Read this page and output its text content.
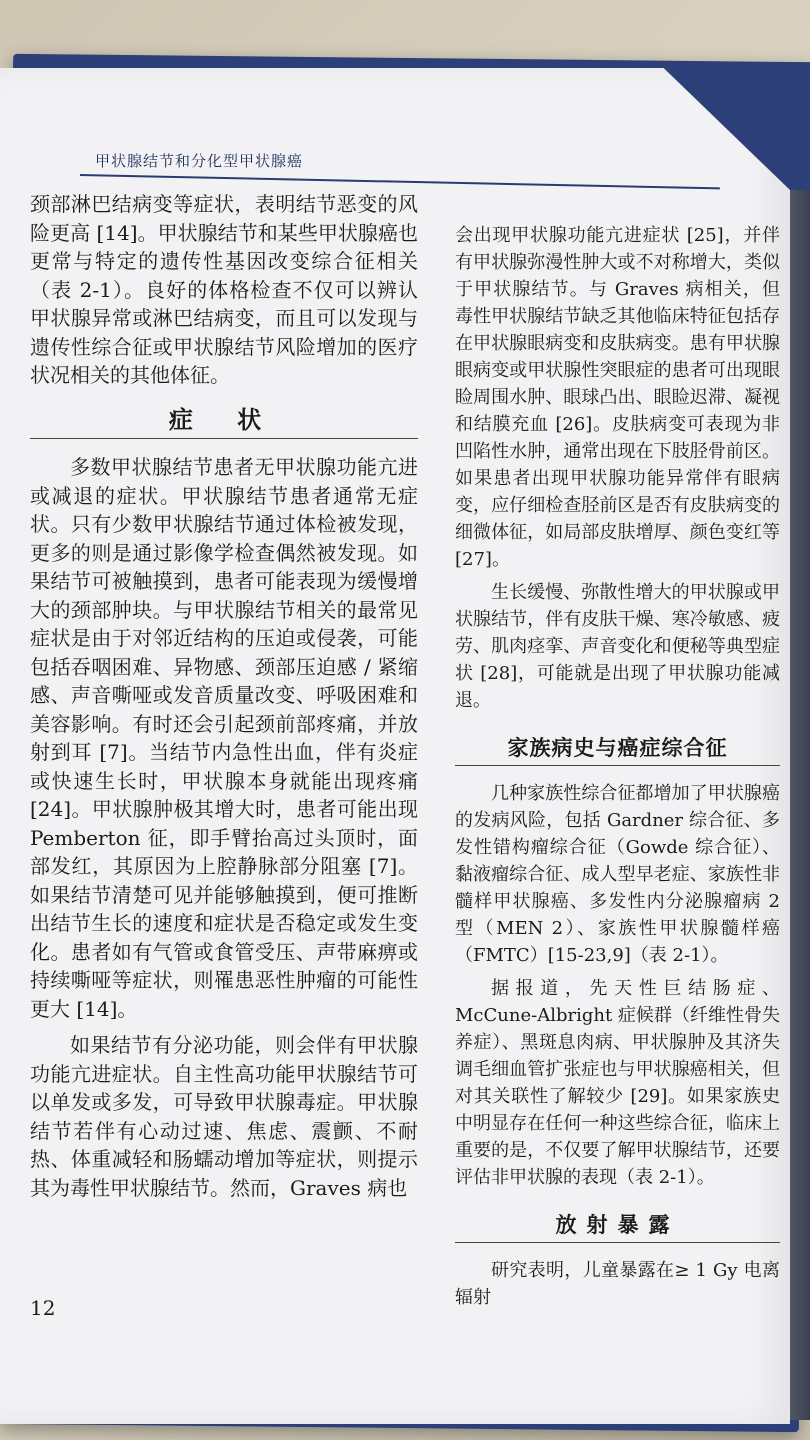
甲状腺结节和分化型甲状腺癌

颈部淋巴结病变等症状，表明结节恶变的风险更高 [14]。甲状腺结节和某些甲状腺癌也更常与特定的遗传性基因改变综合征相关（表 2-1）。良好的体格检查不仅可以辨认甲状腺异常或淋巴结病变，而且可以发现与遗传性综合征或甲状腺结节风险增加的医疗状况相关的其他体征。

症 状

多数甲状腺结节患者无甲状腺功能亢进或减退的症状。甲状腺结节患者通常无症状。只有少数甲状腺结节通过体检被发现，更多的则是通过影像学检查偶然被发现。如果结节可被触摸到，患者可能表现为缓慢增大的颈部肿块。与甲状腺结节相关的最常见症状是由于对邻近结构的压迫或侵袭，可能包括吞咽困难、异物感、颈部压迫感 / 紧缩感、声音嘶哑或发音质量改变、呼吸困难和美容影响。有时还会引起颈前部疼痛，并放射到耳 [7]。当结节内急性出血，伴有炎症或快速生长时，甲状腺本身就能出现疼痛 [24]。甲状腺肿极其增大时，患者可能出现 Pemberton 征，即手臂抬高过头顶时，面部发红，其原因为上腔静脉部分阻塞 [7]。如果结节清楚可见并能够触摸到，便可推断出结节生长的速度和症状是否稳定或发生变化。患者如有气管或食管受压、声带麻痹或持续嘶哑等症状，则罹患恶性肿瘤的可能性更大 [14]。

如果结节有分泌功能，则会伴有甲状腺功能亢进症状。自主性高功能甲状腺结节可以单发或多发，可导致甲状腺毒症。甲状腺结节若伴有心动过速、焦虑、震颤、不耐热、体重减轻和肠蠕动增加等症状，则提示其为毒性甲状腺结节。然而，Graves 病也

会出现甲状腺功能亢进症状 [25]，并伴有甲状腺弥漫性肿大或不对称增大，类似于甲状腺结节。与 Graves 病相关，但毒性甲状腺结节缺乏其他临床特征包括存在甲状腺眼病变和皮肤病变。患有甲状腺眼病变或甲状腺性突眼症的患者可出现眼睑周围水肿、眼球凸出、眼睑迟滞、凝视和结膜充血 [26]。皮肤病变可表现为非凹陷性水肿，通常出现在下肢胫骨前区。如果患者出现甲状腺功能异常伴有眼病变，应仔细检查胫前区是否有皮肤病变的细微体征，如局部皮肤增厚、颜色变红等 [27]。

生长缓慢、弥散性增大的甲状腺或甲状腺结节，伴有皮肤干燥、寒冷敏感、疲劳、肌肉痉挛、声音变化和便秘等典型症状 [28]，可能就是出现了甲状腺功能减退。

家族病史与癌症综合征

几种家族性综合征都增加了甲状腺癌的发病风险，包括 Gardner 综合征、多发性错构瘤综合征（Gowde 综合征）、黏液瘤综合征、成人型早老症、家族性非髓样甲状腺癌、多发性内分泌腺瘤病 2 型（MEN 2）、家族性甲状腺髓样癌（FMTC）[15-23,9]（表 2-1）。

据报道，先天性巨结肠症、McCune-Albright 症候群（纤维性骨失养症）、黑斑息肉病、甲状腺肿及其济失调毛细血管扩张症也与甲状腺癌相关，但对其关联性了解较少 [29]。如果家族史中明显存在任何一种这些综合征，临床上重要的是，不仅要了解甲状腺结节，还要评估非甲状腺的表现（表 2-1）。

放射暴露

研究表明，儿童暴露在≥ 1 Gy 电离辐射

12
